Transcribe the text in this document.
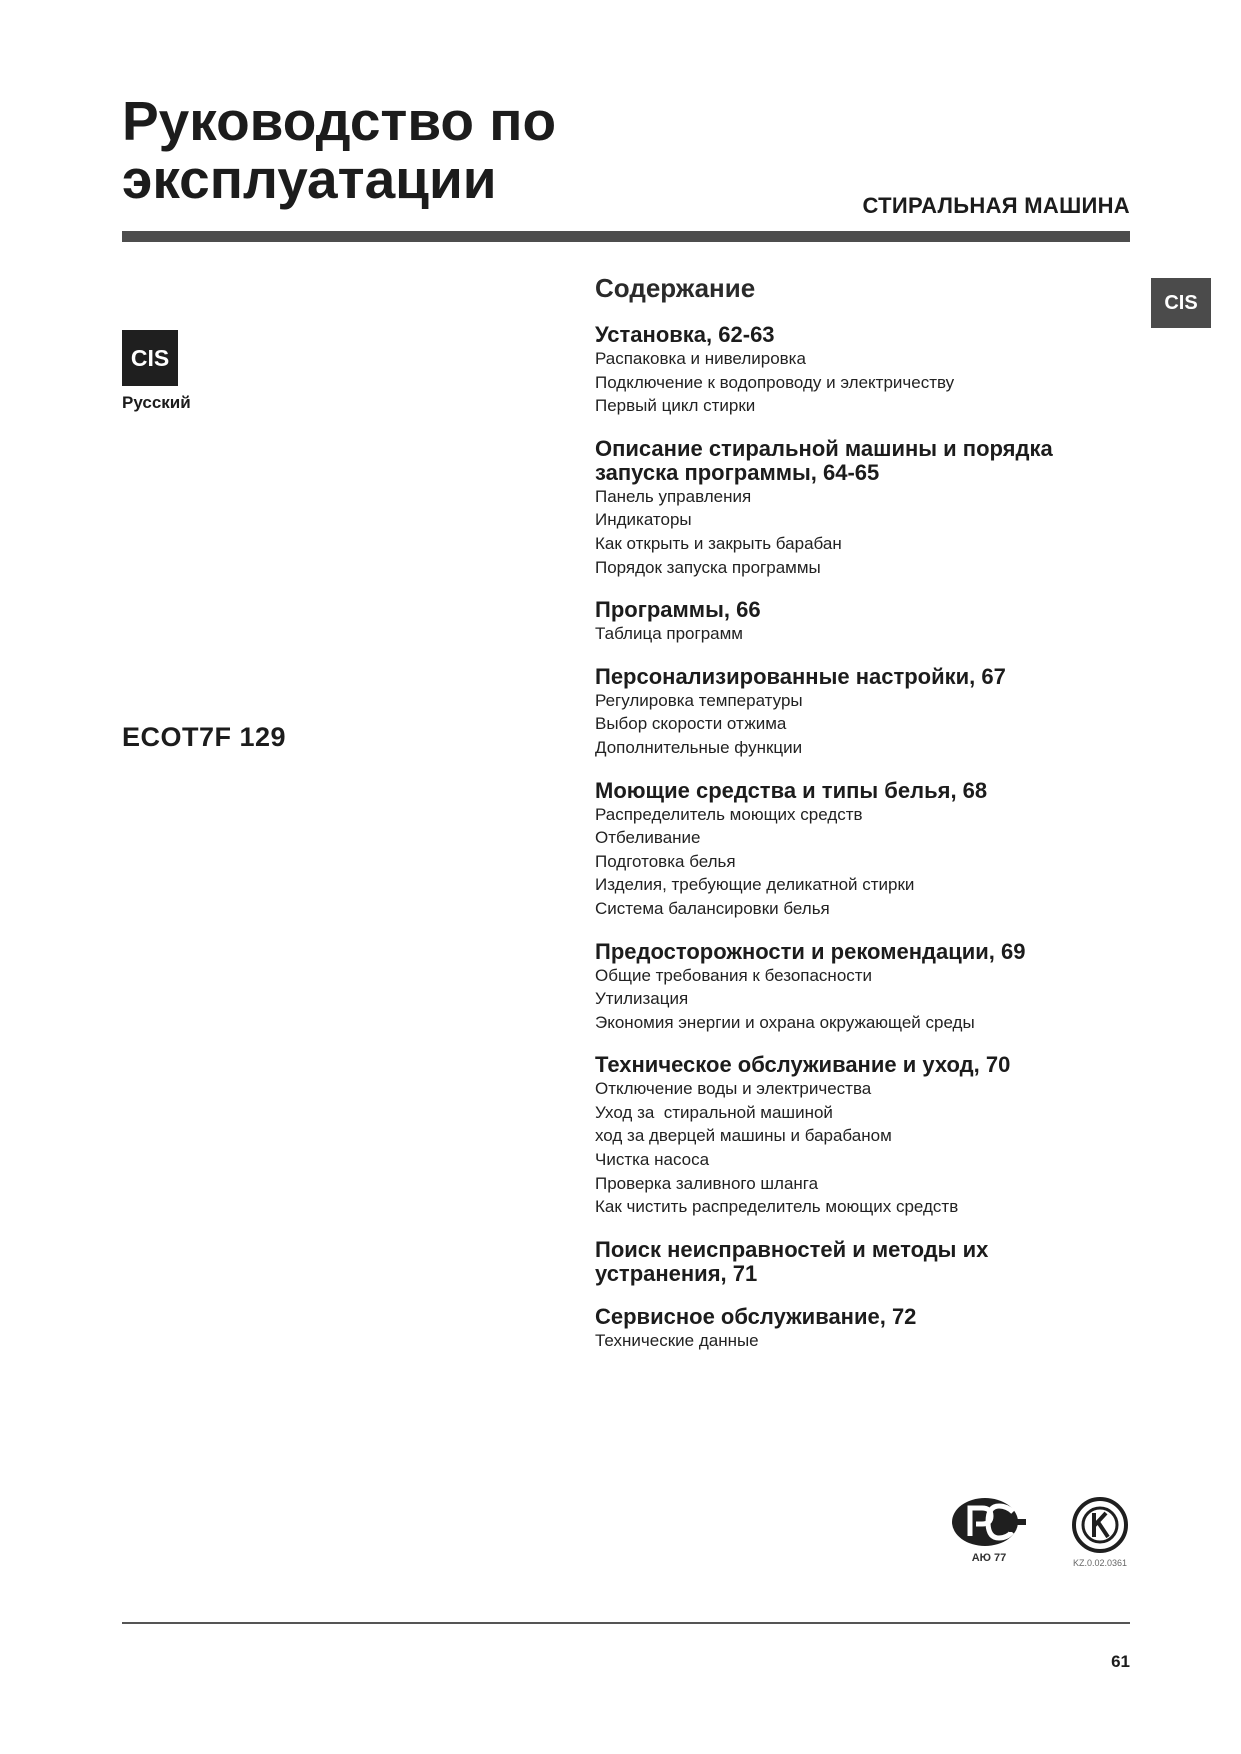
Руководство по
эксплуатации	СТИРАЛЬНАЯ МАШИНА
CIS
CIS
Русский
ECOT7F 129
Содержание
Установка, 62-63
Распаковка и нивелировка
Подключение к водопроводу и электричеству
Первый цикл стирки
Описание стиральной машины и порядка
запуска программы, 64-65
Панель управления
Индикаторы
Как открыть и закрыть барабан
Порядок запуска программы
Программы, 66
Таблица программ
Персонализированные настройки, 67
Регулировка температуры
Выбор скорости отжима
Дополнительные функции
Моющие средства и типы белья, 68
Распределитель моющих средств
Отбеливание
Подготовка белья
Изделия, требующие деликатной стирки
Система балансировки белья
Предосторожности и рекомендации, 69
Общие требования к безопасности
Утилизация
Экономия энергии и охрана окружающей среды
Техническое обслуживание и уход, 70
Отключение воды и электричества
Уход за  стиральной машиной
ход за дверцей машины и барабаном
Чистка насоса
Проверка заливного шланга
Как чистить распределитель моющих средств
Поиск неисправностей и методы их
устранения, 71
Сервисное обслуживание, 72
Технические данные
АЮ 77	KZ.0.02.0361
61
